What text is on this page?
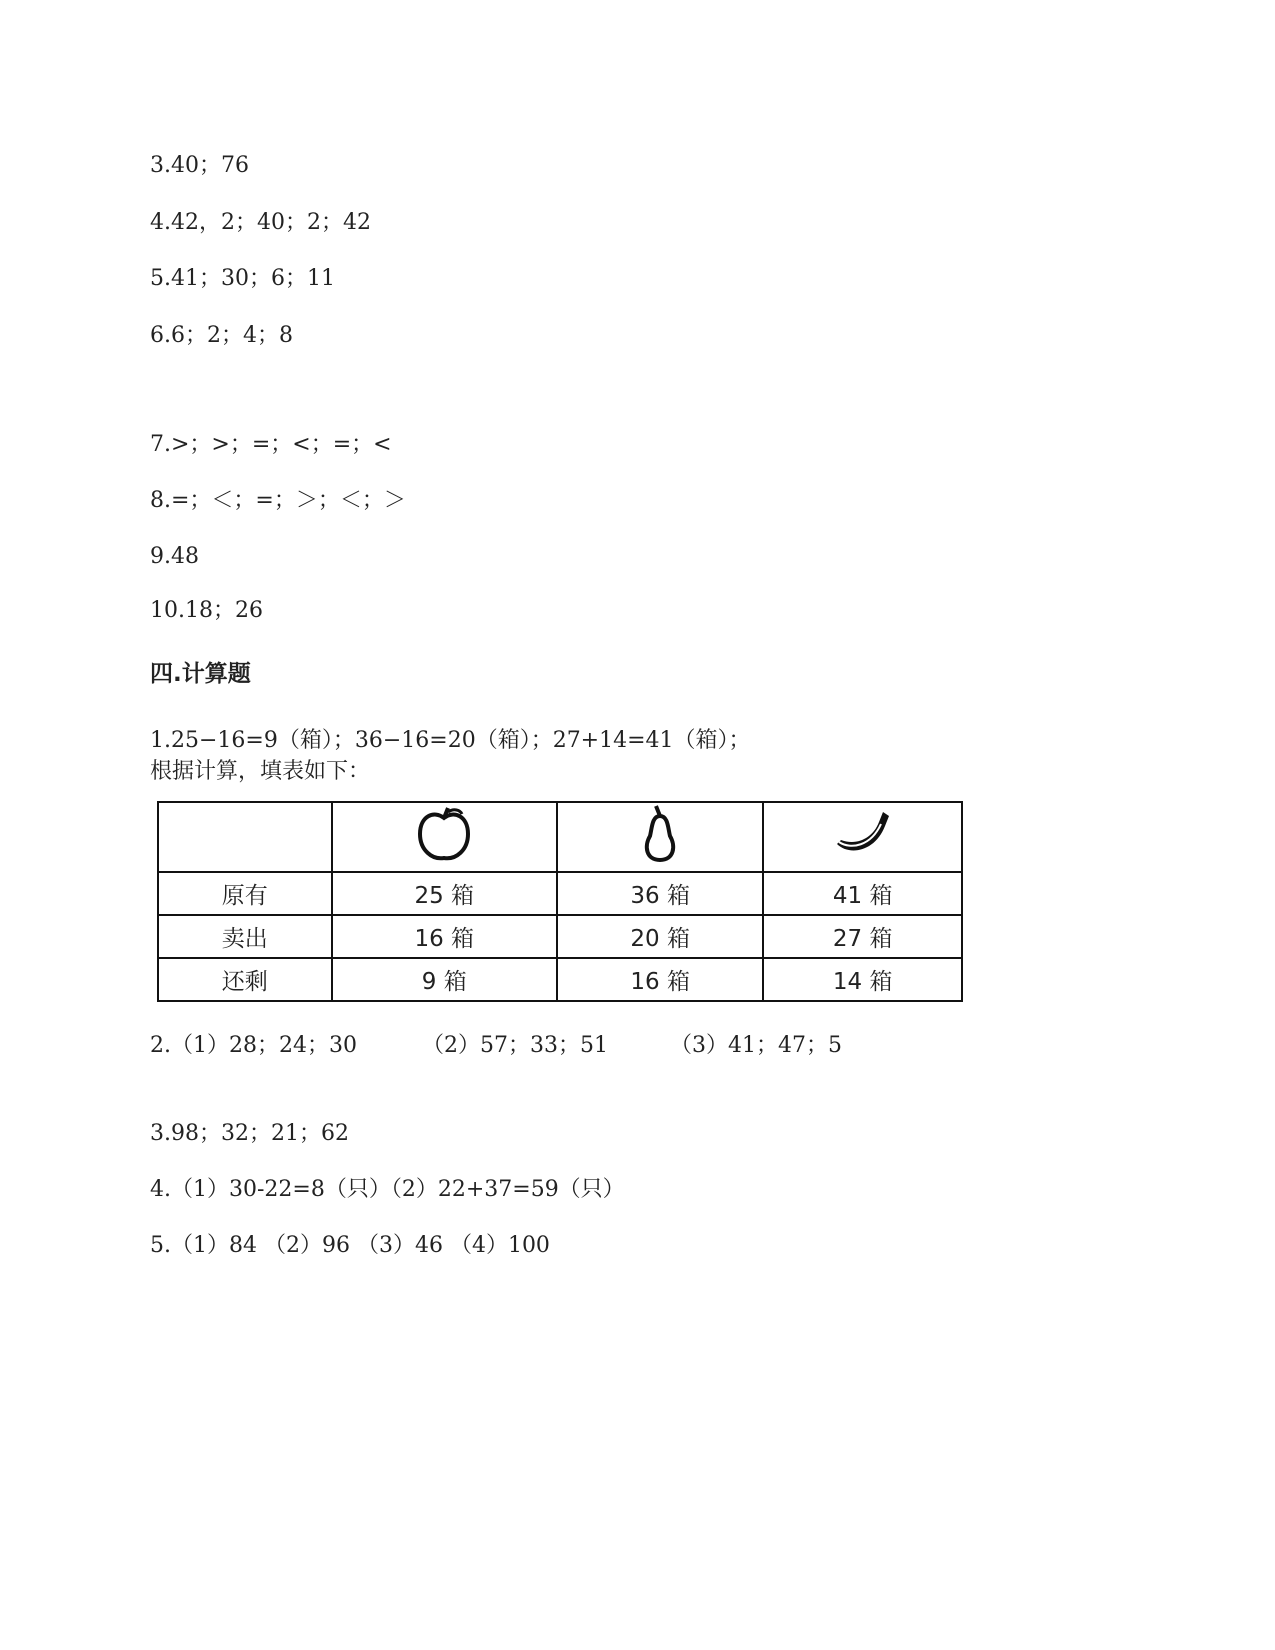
3.40；76
4.42，2；40；2；42
5.41；30；6；11
6.6；2；4；8
7.>；>；=；<；=；<
8.=；＜；=；＞；＜；＞
9.48
10.18；26
四.计算题
1.25−16=9（箱）；36−16=20（箱）；27+14=41（箱）；
根据计算，填表如下：

原有	25 箱	36 箱	41 箱
卖出	16 箱	20 箱	27 箱
还剩	9 箱	16 箱	14 箱
2.（1）28；24；30	（2）57；33；51	（3）41；47；5
3.98；32；21；62
4.（1）30-22=8（只）（2）22+37=59（只）
5.（1）84 （2）96 （3）46 （4）100
